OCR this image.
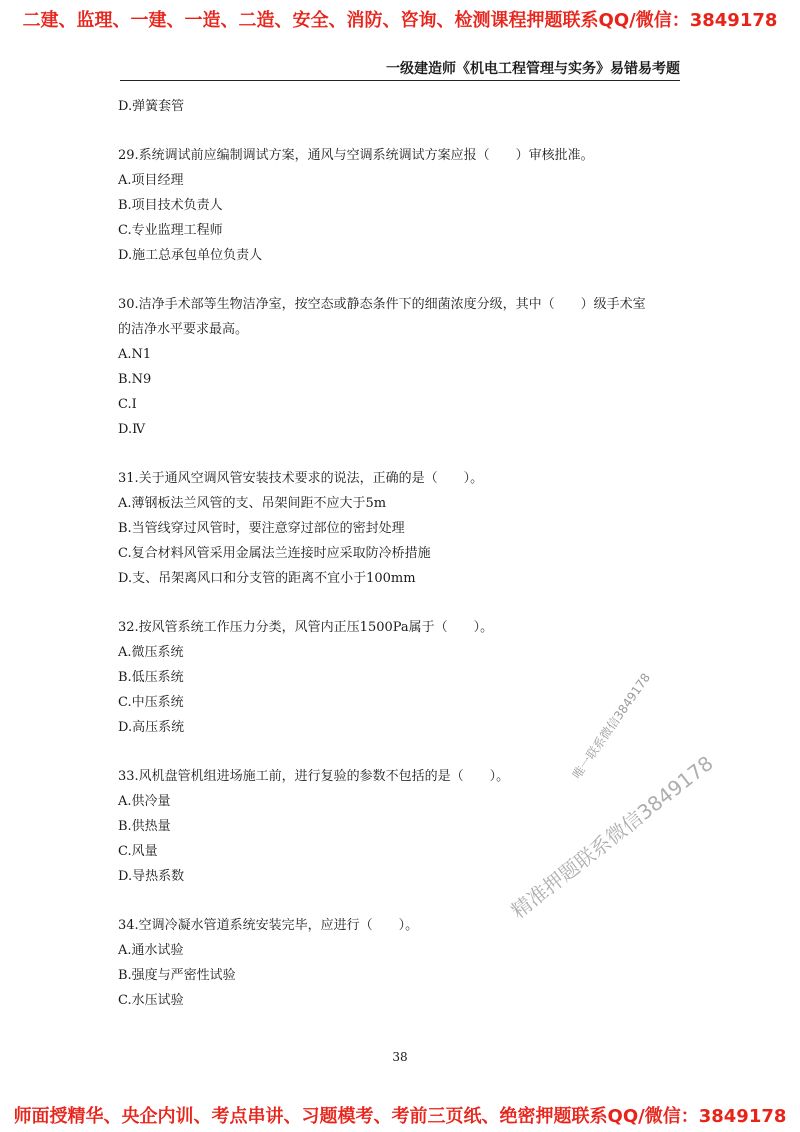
二建、监理、一建、一造、二造、安全、消防、咨询、检测课程押题联系QQ/微信：3849178
一级建造师《机电工程管理与实务》易错易考题
D.弹簧套管
29.系统调试前应编制调试方案，通风与空调系统调试方案应报（　　）审核批准。
A.项目经理
B.项目技术负责人
C.专业监理工程师
D.施工总承包单位负责人
30.洁净手术部等生物洁净室，按空态或静态条件下的细菌浓度分级，其中（　　）级手术室
的洁净水平要求最高。
A.N1
B.N9
C.Ⅰ
D.Ⅳ
31.关于通风空调风管安装技术要求的说法，正确的是（　　）。
A.薄钢板法兰风管的支、吊架间距不应大于5m
B.当管线穿过风管时，要注意穿过部位的密封处理
C.复合材料风管采用金属法兰连接时应采取防冷桥措施
D.支、吊架离风口和分支管的距离不宜小于100mm
32.按风管系统工作压力分类，风管内正压1500Pa属于（　　）。
A.微压系统
B.低压系统
C.中压系统
D.高压系统
33.风机盘管机组进场施工前，进行复验的参数不包括的是（　　）。
A.供冷量
B.供热量
C.风量
D.导热系数
34.空调冷凝水管道系统安装完毕，应进行（　　）。
A.通水试验
B.强度与严密性试验
C.水压试验
38
唯一联系微信3849178
精准押题联系微信3849178
师面授精华、央企内训、考点串讲、习题模考、考前三页纸、绝密押题联系QQ/微信：3849178
